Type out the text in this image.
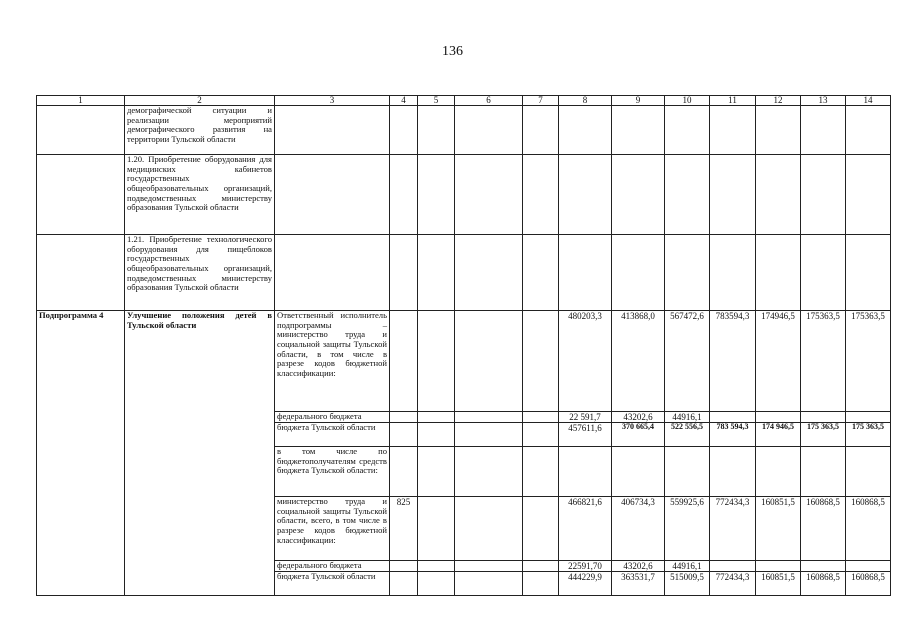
136
1	2	3	4	5	6	7	8	9	10	11	12	13	14
	демографической ситуации и реализации мероприятий демографического развития на территории Тульской области												
	1.20. Приобретение оборудования для медицинских кабинетов государственных общеобразовательных организаций, подведомственных министерству образования Тульской области												
	1.21. Приобретение технологического оборудования для пищеблоков государственных общеобразовательных организаций, подведомственных министерству образования Тульской области												
Подпрограмма 4	Улучшение положения детей в Тульской области	Ответственный исполнитель подпрограммы – министерство труда и социальной защиты Тульской области, в том числе в разрезе кодов бюджетной классификации:					480203,3	413868,0	567472,6	783594,3	174946,5	175363,5	175363,5
		федерального бюджета					22 591,7	43202,6	44916,1				
		бюджета Тульской области					457611,6	370 665,4	522 556,5	783 594,3	174 946,5	175 363,5	175 363,5
		в том числе по бюджетополучателям средств бюджета Тульской области:											
		министерство труда и социальной защиты Тульской области, всего, в том числе в разрезе кодов бюджетной классификации:	825				466821,6	406734,3	559925,6	772434,3	160851,5	160868,5	160868,5
		федерального бюджета					22591,70	43202,6	44916,1				
		бюджета Тульской области					444229,9	363531,7	515009,5	772434,3	160851,5	160868,5	160868,5
